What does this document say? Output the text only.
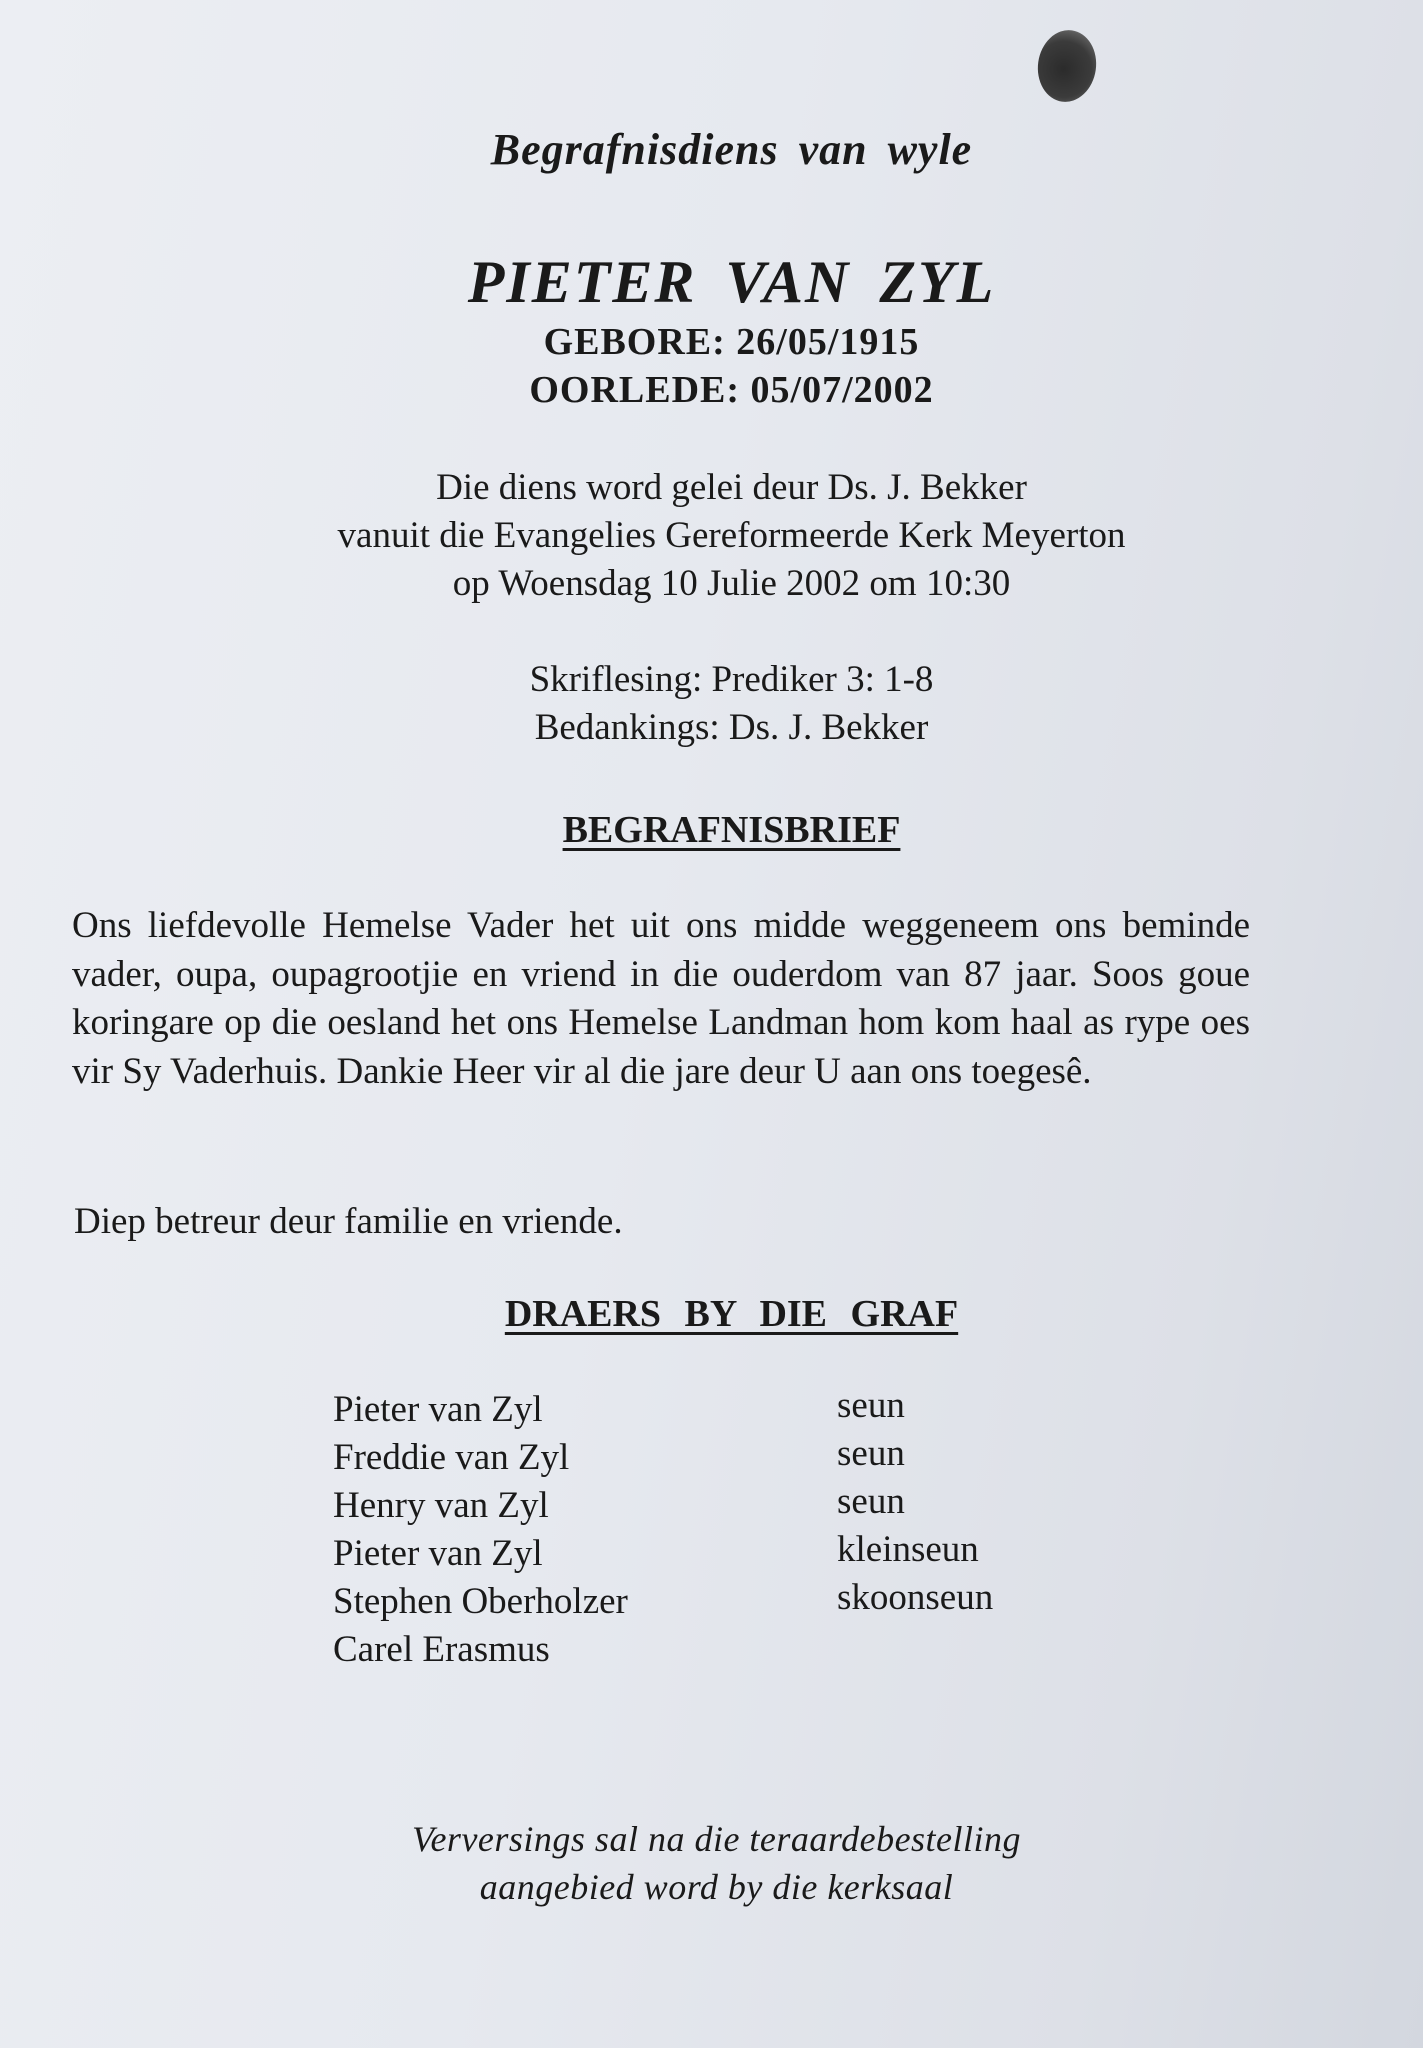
Begrafnisdiens van wyle
PIETER VAN ZYL
GEBORE: 26/05/1915
OORLEDE: 05/07/2002
Die diens word gelei deur Ds. J. Bekker
vanuit die Evangelies Gereformeerde Kerk Meyerton
op Woensdag 10 Julie 2002 om 10:30
Skriflesing: Prediker 3: 1-8
Bedankings: Ds. J. Bekker
BEGRAFNISBRIEF

Ons liefdevolle Hemelse Vader het uit ons midde weggeneem ons beminde vader, oupa, oupagrootjie en vriend in die ouderdom van 87 jaar. Soos goue koringare op die oesland het ons Hemelse Landman hom kom haal as rype oes vir Sy Vaderhuis. Dankie Heer vir al die jare deur U aan ons toegesê.

Diep betreur deur familie en vriende.
DRAERS BY DIE GRAF
Pieter van Zyl	seun
Freddie van Zyl	seun
Henry van Zyl	seun
Pieter van Zyl	kleinseun
Stephen Oberholzer	skoonseun
Carel Erasmus
Verversings sal na die teraardebestelling
aangebied word by die kerksaal
